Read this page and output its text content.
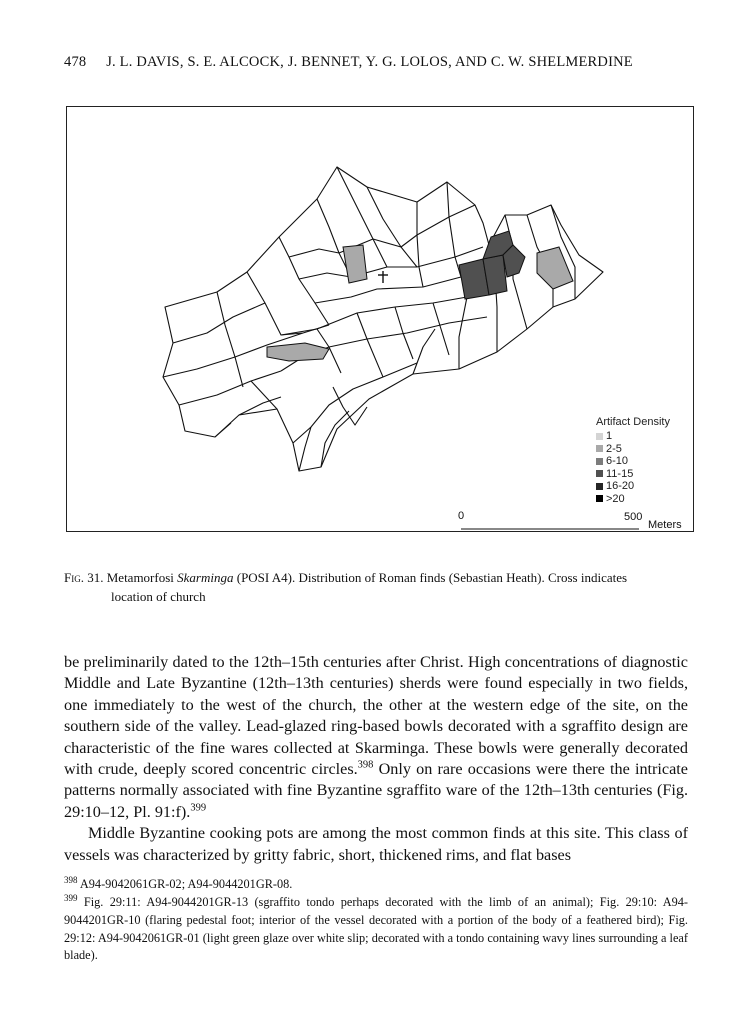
478 J. L. DAVIS, S. E. ALCOCK, J. BENNET, Y. G. LOLOS, AND C. W. SHELMERDINE
Artifact Density
1
2-5
6-10
11-15
16-20
>20
0	500
Meters
Fig. 31. Metamorfosi Skarminga (POSI A4). Distribution of Roman finds (Sebastian Heath). Cross indicates
location of church

be preliminarily dated to the 12th–15th centuries after Christ. High concentrations of diagnostic Middle and Late Byzantine (12th–13th centuries) sherds were found especially in two fields, one immediately to the west of the church, the other at the western edge of the site, on the southern side of the valley. Lead-glazed ring-based bowls decorated with a sgraffito design are characteristic of the fine wares collected at Skarminga. These bowls were generally decorated with crude, deeply scored concentric circles.$^{398}$ Only on rare occasions were there the intricate patterns normally associated with fine Byzantine sgraffito ware of the 12th–13th centuries (Fig. 29:10–12, Pl. 91:f).$^{399}$

Middle Byzantine cooking pots are among the most common finds at this site. This class of vessels was characterized by gritty fabric, short, thickened rims, and flat bases

$^{398}$ A94-9042061GR-02; A94-9044201GR-08.
$^{399}$ Fig. 29:11: A94-9044201GR-13 (sgraffito tondo perhaps decorated with the limb of an animal); Fig. 29:10: A94-9044201GR-10 (flaring pedestal foot; interior of the vessel decorated with a portion of the body of a feathered bird); Fig. 29:12: A94-9042061GR-01 (light green glaze over white slip; decorated with a tondo containing wavy lines surrounding a leaf blade).
